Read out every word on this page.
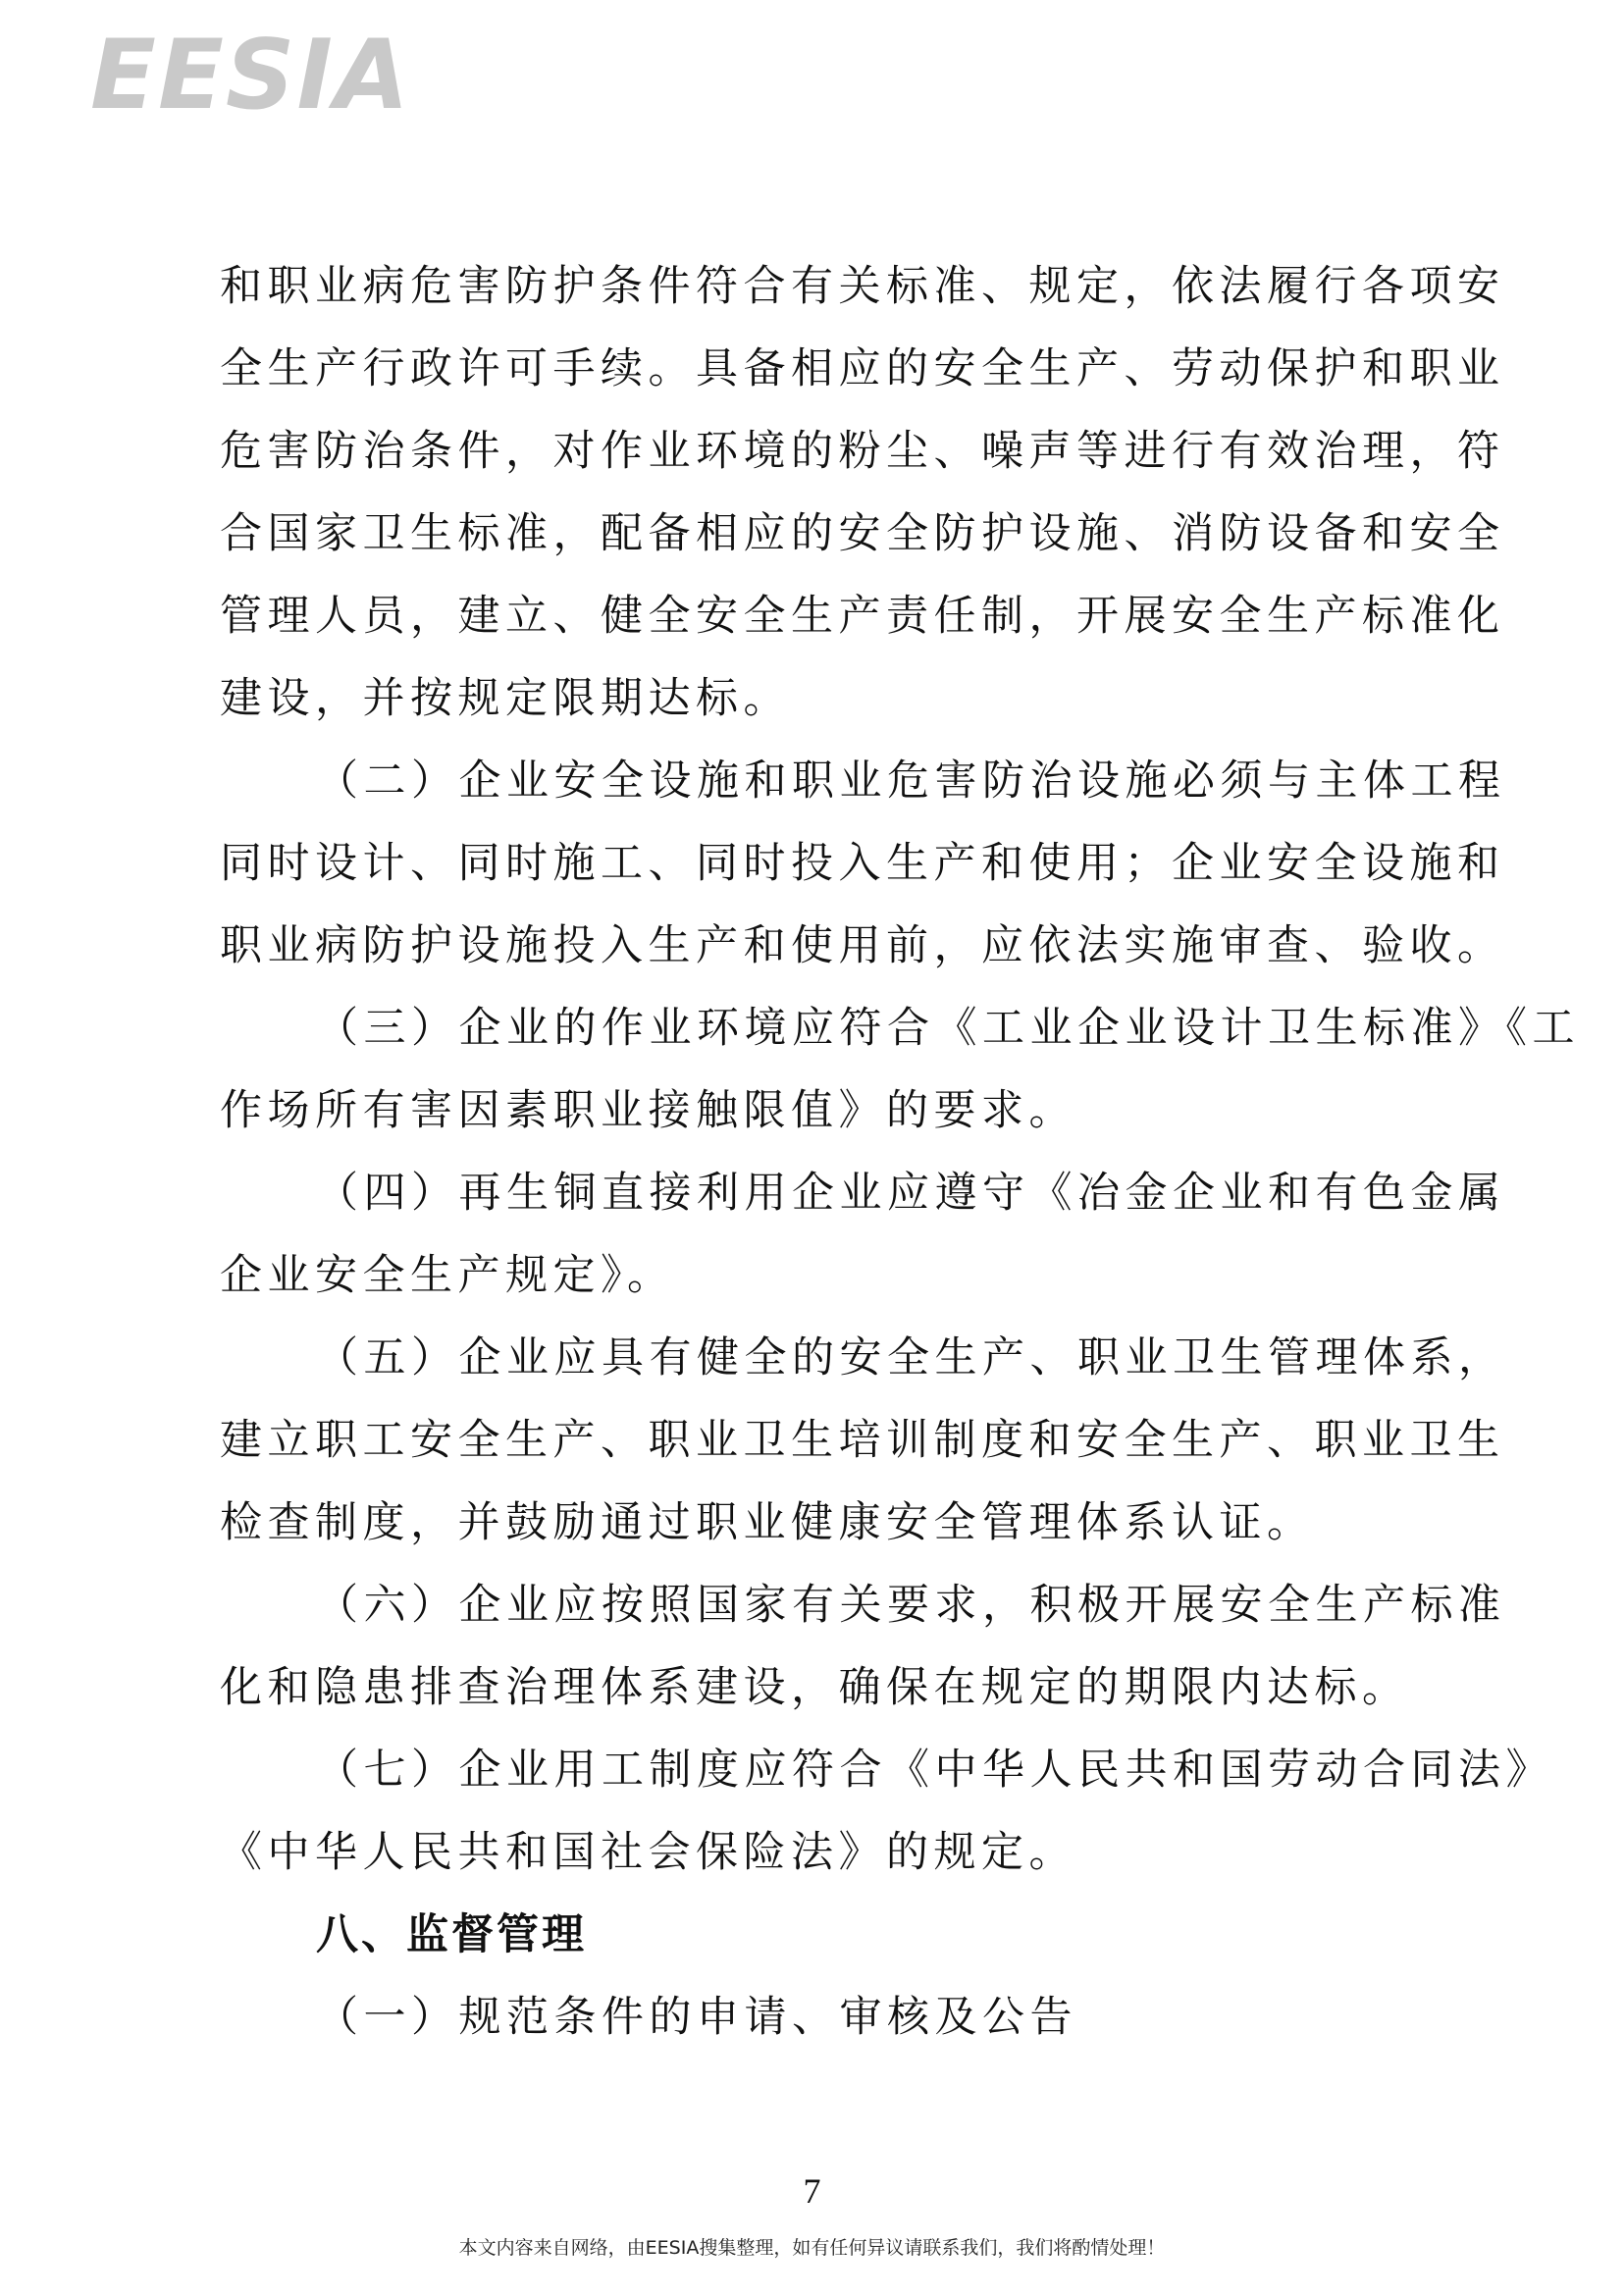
EESIA
和职业病危害防护条件符合有关标准、规定，依法履行各项安
全生产行政许可手续。具备相应的安全生产、劳动保护和职业
危害防治条件，对作业环境的粉尘、噪声等进行有效治理，符
合国家卫生标准，配备相应的安全防护设施、消防设备和安全
管理人员，建立、健全安全生产责任制，开展安全生产标准化
建设，并按规定限期达标。
（二）企业安全设施和职业危害防治设施必须与主体工程
同时设计、同时施工、同时投入生产和使用；企业安全设施和
职业病防护设施投入生产和使用前，应依法实施审查、验收。
（三）企业的作业环境应符合《工业企业设计卫生标准》《工
作场所有害因素职业接触限值》的要求。
（四）再生铜直接利用企业应遵守《冶金企业和有色金属
企业安全生产规定》。
（五）企业应具有健全的安全生产、职业卫生管理体系，
建立职工安全生产、职业卫生培训制度和安全生产、职业卫生
检查制度，并鼓励通过职业健康安全管理体系认证。
（六）企业应按照国家有关要求，积极开展安全生产标准
化和隐患排查治理体系建设，确保在规定的期限内达标。
（七）企业用工制度应符合《中华人民共和国劳动合同法》
《中华人民共和国社会保险法》的规定。
八、监督管理
（一）规范条件的申请、审核及公告
7
本文内容来自网络，由EESIA搜集整理，如有任何异议请联系我们，我们将酌情处理！
